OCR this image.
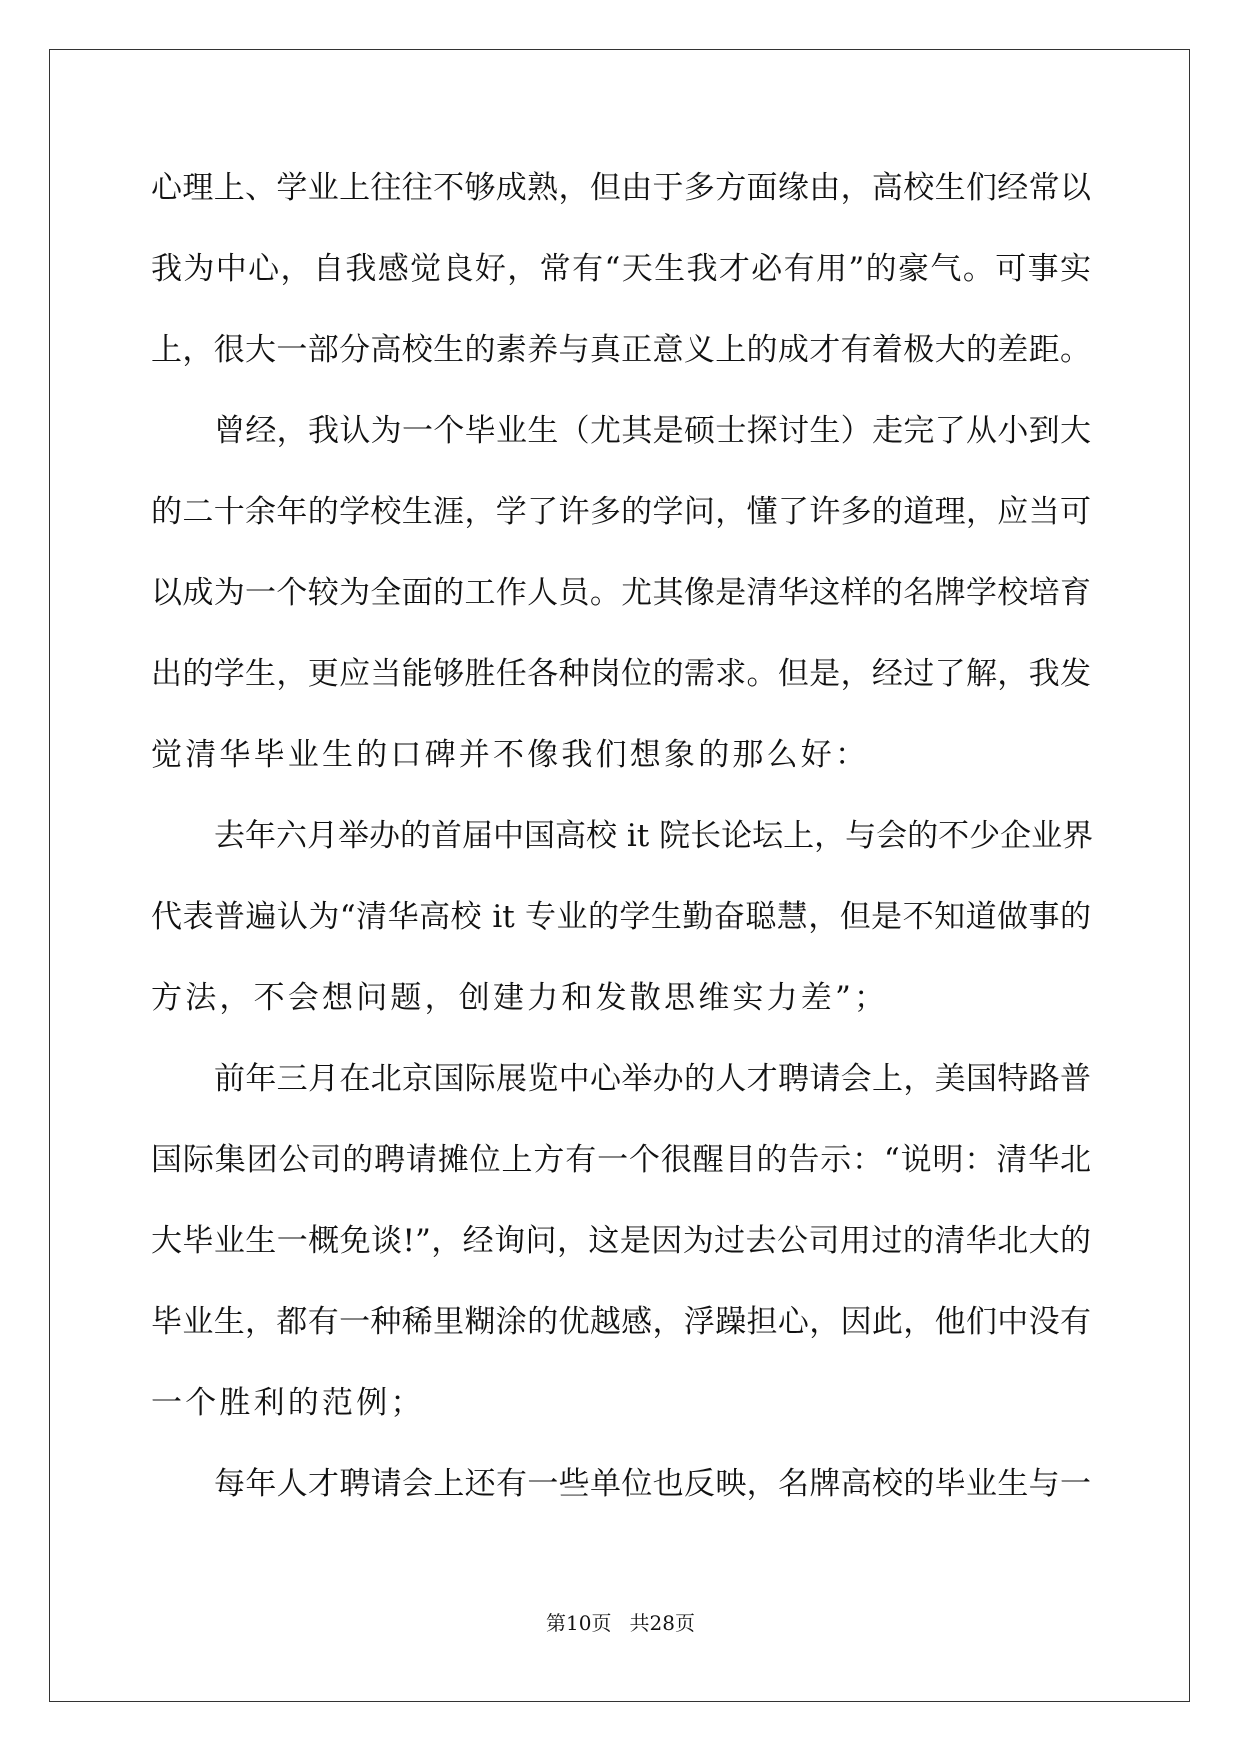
心理上、学业上往往不够成熟，但由于多方面缘由，高校生们经常以
我为中心，自我感觉良好，常有“天生我才必有用”的豪气。可事实
上，很大一部分高校生的素养与真正意义上的成才有着极大的差距。
曾经，我认为一个毕业生（尤其是硕士探讨生）走完了从小到大
的二十余年的学校生涯，学了许多的学问，懂了许多的道理，应当可
以成为一个较为全面的工作人员。尤其像是清华这样的名牌学校培育
出的学生，更应当能够胜任各种岗位的需求。但是，经过了解，我发
觉清华毕业生的口碑并不像我们想象的那么好：
去年六月举办的首届中国高校 it 院长论坛上，与会的不少企业界
代表普遍认为“清华高校 it 专业的学生勤奋聪慧，但是不知道做事的
方法，不会想问题，创建力和发散思维实力差”；
前年三月在北京国际展览中心举办的人才聘请会上，美国特路普
国际集团公司的聘请摊位上方有一个很醒目的告示：“说明：清华北
大毕业生一概免谈!”，经询问，这是因为过去公司用过的清华北大的
毕业生，都有一种稀里糊涂的优越感，浮躁担心，因此，他们中没有
一个胜利的范例；
每年人才聘请会上还有一些单位也反映，名牌高校的毕业生与一
第10页 共28页
